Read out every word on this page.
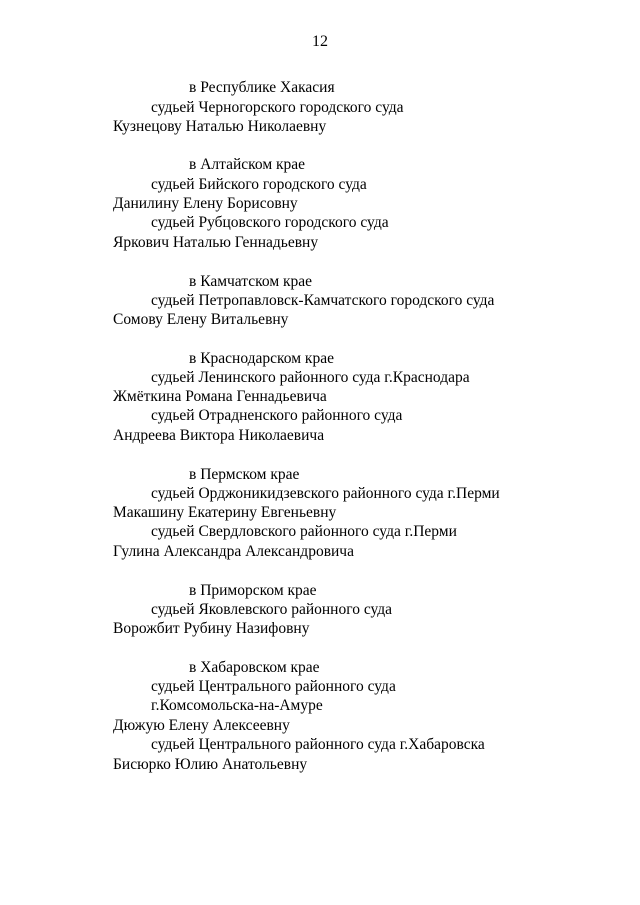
12
в Республике Хакасия
судьей Черногорского городского суда
Кузнецову Наталью Николаевну
в Алтайском крае
судьей Бийского городского суда
Данилину Елену Борисовну
судьей Рубцовского городского суда
Яркович Наталью Геннадьевну
в Камчатском крае
судьей Петропавловск-Камчатского городского суда
Сомову Елену Витальевну
в Краснодарском крае
судьей Ленинского районного суда г.Краснодара
Жмёткина Романа Геннадьевича
судьей Отрадненского районного суда
Андреева Виктора Николаевича
в Пермском крае
судьей Орджоникидзевского районного суда г.Перми
Макашину Екатерину Евгеньевну
судьей Свердловского районного суда г.Перми
Гулина Александра Александровича
в Приморском крае
судьей Яковлевского районного суда
Ворожбит Рубину Назифовну
в Хабаровском крае
судьей Центрального районного суда
г.Комсомольска-на-Амуре
Дюжую Елену Алексеевну
судьей Центрального районного суда г.Хабаровска
Бисюрко Юлию Анатольевну
